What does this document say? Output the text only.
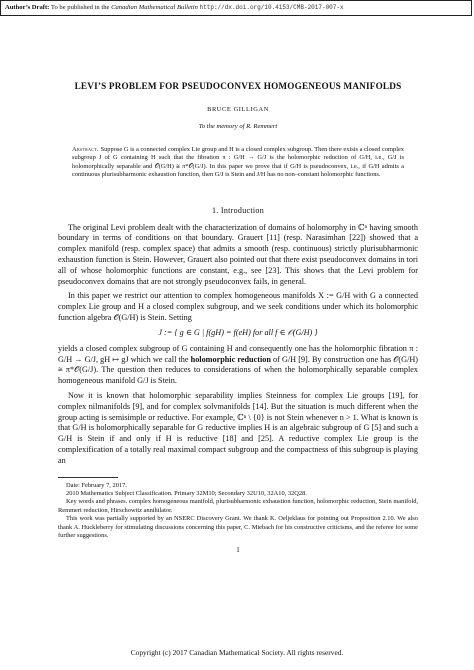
Author’s Draft: To be published in the Canadian Mathematical Bulletin http://dx.doi.org/10.4153/CMB-2017-007-x
LEVI’S PROBLEM FOR PSEUDOCONVEX HOMOGENEOUS MANIFOLDS
BRUCE GILLIGAN
To the memory of R. Remmert
Abstract. Suppose G is a connected complex Lie group and H is a closed complex subgroup. Then there exists a closed complex subgroup J of G containing H such that the fibration π : G/H → G/J is the holomorphic reduction of G/H, i.e., G/J is holomorphically separable and 𝒪(G/H) ≅ π*𝒪(G/J). In this paper we prove that if G/H is pseudoconvex, i.e., if G/H admits a continuous plurisubharmonic exhaustion function, then G/J is Stein and J/H has no non–constant holomorphic functions.
1. Introduction
The original Levi problem dealt with the characterization of domains of holomorphy in ℂⁿ having smooth boundary in terms of conditions on that boundary. Grauert [11] (resp. Narasimhan [22]) showed that a complex manifold (resp. complex space) that admits a smooth (resp. continuous) strictly plurisubharmonic exhaustion function is Stein. However, Grauert also pointed out that there exist pseudoconvex domains in tori all of whose holomorphic functions are constant, e.g., see [23]. This shows that the Levi problem for pseudoconvex domains that are not strongly pseudoconvex fails, in general.
In this paper we restrict our attention to complex homogeneous manifolds X := G/H with G a connected complex Lie group and H a closed complex subgroup, and we seek conditions under which its holomorphic function algebra 𝒪(G/H) is Stein. Setting
J := { g ∈ G | f(gH) = f(eH) for all f ∈ 𝒪(G/H) }
yields a closed complex subgroup of G containing H and consequently one has the holomorphic fibration π : G/H → G/J, gH ↦ gJ which we call the holomorphic reduction of G/H [9]. By construction one has 𝒪(G/H) ≅ π*𝒪(G/J). The question then reduces to considerations of when the holomorphically separable complex homogeneous manifold G/J is Stein.
Now it is known that holomorphic separability implies Steinness for complex Lie groups [19], for complex nilmanifolds [9], and for complex solvmanifolds [14]. But the situation is much different when the group acting is semisimple or reductive. For example, ℂⁿ \ {0} is not Stein whenever n > 1. What is known is that G/H is holomorphically separable for G reductive implies H is an algebraic subgroup of G [5] and such a G/H is Stein if and only if H is reductive [18] and [25]. A reductive complex Lie group is the complexification of a totally real maximal compact subgroup and the compactness of this subgroup is playing an

Date: February 7, 2017.

2010 Mathematics Subject Classification. Primary 32M10; Secondary 32U10, 32A10, 32Q28.

Key words and phrases. complex homogeneous manifold, plurisubharmonic exhaustion function, holomorphic reduction, Stein manifold, Remmert reduction, Hirschowitz annihilator.

This work was partially supported by an NSERC Discovery Grant. We thank K. Oeljeklaus for pointing out Proposition 2.10. We also thank A. Huckleberry for stimulating discussions concerning this paper, C. Miebach for his constructive criticisms, and the referee for some further suggestions.

1
Copyright (c) 2017 Canadian Mathematical Society. All rights reserved.
